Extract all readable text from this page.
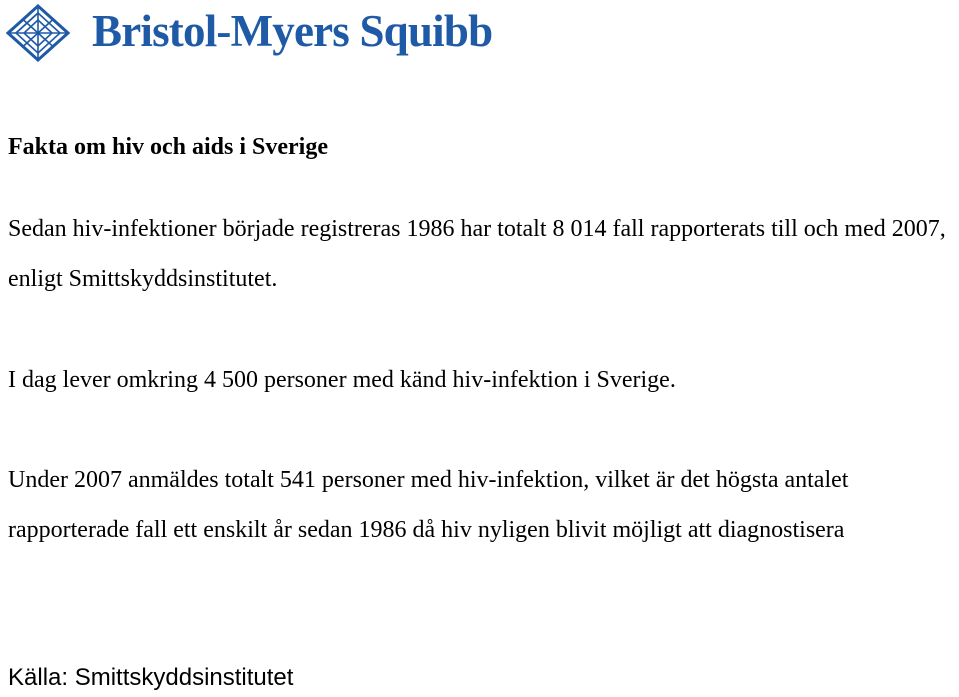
Bristol-Myers Squibb
Fakta om hiv och aids i Sverige

Sedan hiv-infektioner började registreras 1986 har totalt 8 014 fall rapporterats till och med 2007, enligt Smittskyddsinstitutet.

I dag lever omkring 4 500 personer med känd hiv-infektion i Sverige.

Under 2007 anmäldes totalt 541 personer med hiv-infektion, vilket är det högsta antalet rapporterade fall ett enskilt år sedan 1986 då hiv nyligen blivit möjligt att diagnostisera

Källa: Smittskyddsinstitutet
